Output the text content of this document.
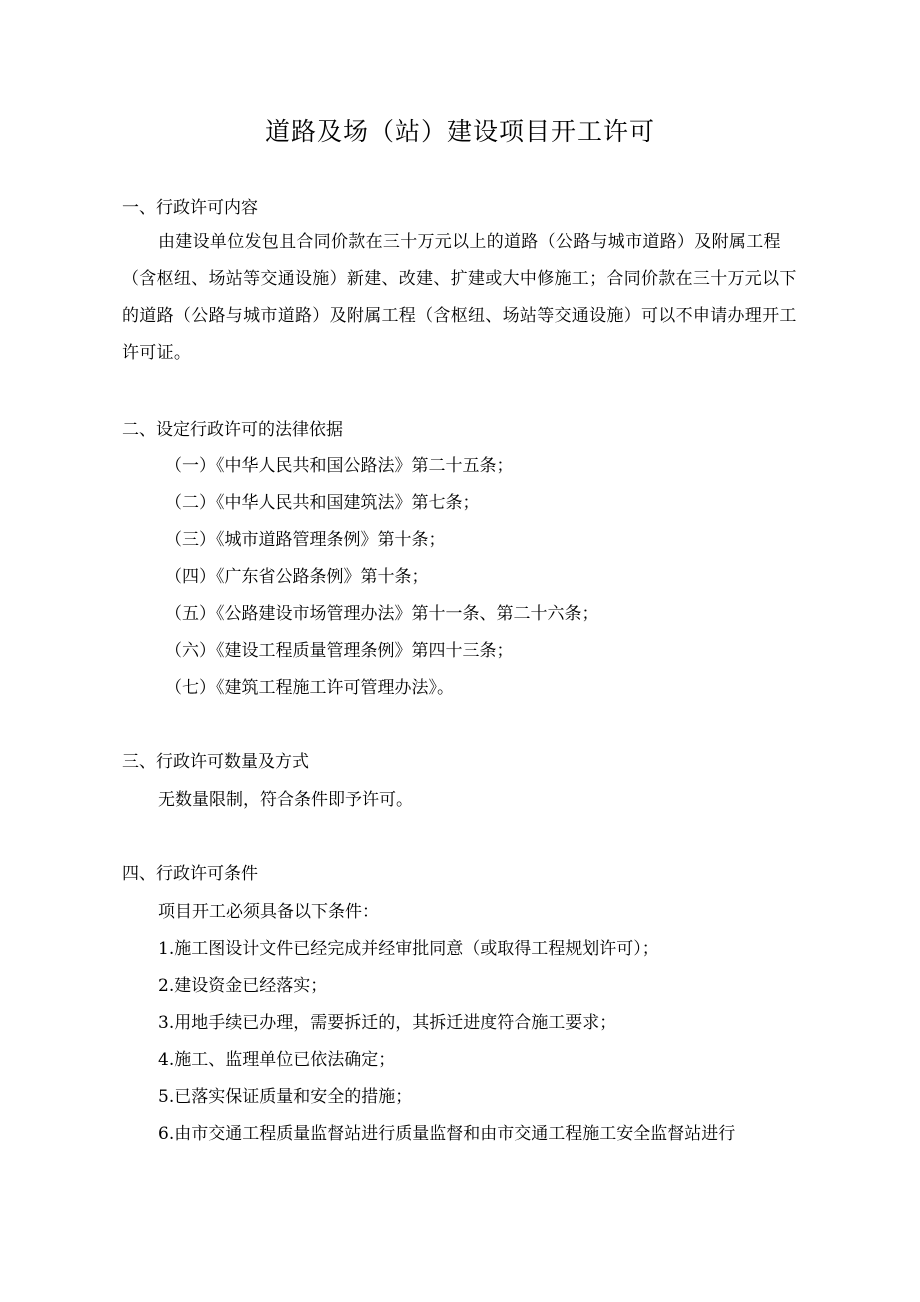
道路及场（站）建设项目开工许可
一、行政许可内容
由建设单位发包且合同价款在三十万元以上的道路（公路与城市道路）及附属工程（含枢纽、场站等交通设施）新建、改建、扩建或大中修施工；合同价款在三十万元以下的道路（公路与城市道路）及附属工程（含枢纽、场站等交通设施）可以不申请办理开工许可证。
二、设定行政许可的法律依据
（一）《中华人民共和国公路法》第二十五条；
（二）《中华人民共和国建筑法》第七条；
（三）《城市道路管理条例》第十条；
（四）《广东省公路条例》第十条；
（五）《公路建设市场管理办法》第十一条、第二十六条；
（六）《建设工程质量管理条例》第四十三条；
（七）《建筑工程施工许可管理办法》。
三、行政许可数量及方式
无数量限制，符合条件即予许可。
四、行政许可条件
项目开工必须具备以下条件：
1.施工图设计文件已经完成并经审批同意（或取得工程规划许可）；
2.建设资金已经落实；
3.用地手续已办理，需要拆迁的，其拆迁进度符合施工要求；
4.施工、监理单位已依法确定；
5.已落实保证质量和安全的措施；
6.由市交通工程质量监督站进行质量监督和由市交通工程施工安全监督站进行
